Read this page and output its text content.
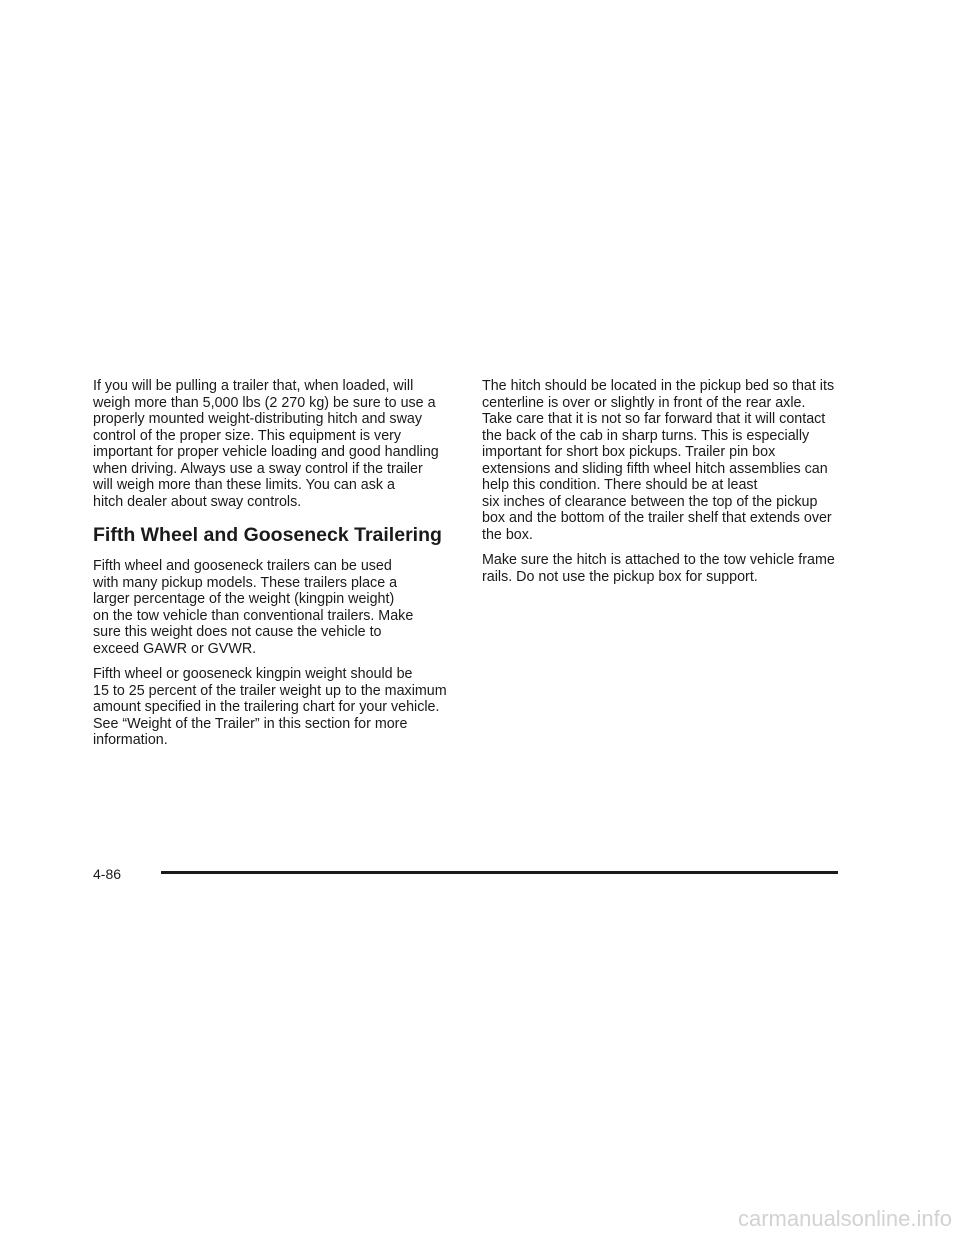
If you will be pulling a trailer that, when loaded, will
weigh more than 5,000 lbs (2 270 kg) be sure to use a
properly mounted weight-distributing hitch and sway
control of the proper size. This equipment is very
important for proper vehicle loading and good handling
when driving. Always use a sway control if the trailer
will weigh more than these limits. You can ask a
hitch dealer about sway controls.

Fifth Wheel and Gooseneck Trailering

Fifth wheel and gooseneck trailers can be used
with many pickup models. These trailers place a
larger percentage of the weight (kingpin weight)
on the tow vehicle than conventional trailers. Make
sure this weight does not cause the vehicle to
exceed GAWR or GVWR.

Fifth wheel or gooseneck kingpin weight should be
15 to 25 percent of the trailer weight up to the maximum
amount specified in the trailering chart for your vehicle.
See “Weight of the Trailer” in this section for more
information.

The hitch should be located in the pickup bed so that its
centerline is over or slightly in front of the rear axle.
Take care that it is not so far forward that it will contact
the back of the cab in sharp turns. This is especially
important for short box pickups. Trailer pin box
extensions and sliding fifth wheel hitch assemblies can
help this condition. There should be at least
six inches of clearance between the top of the pickup
box and the bottom of the trailer shelf that extends over
the box.

Make sure the hitch is attached to the tow vehicle frame
rails. Do not use the pickup box for support.

4-86
carmanualsonline.info
